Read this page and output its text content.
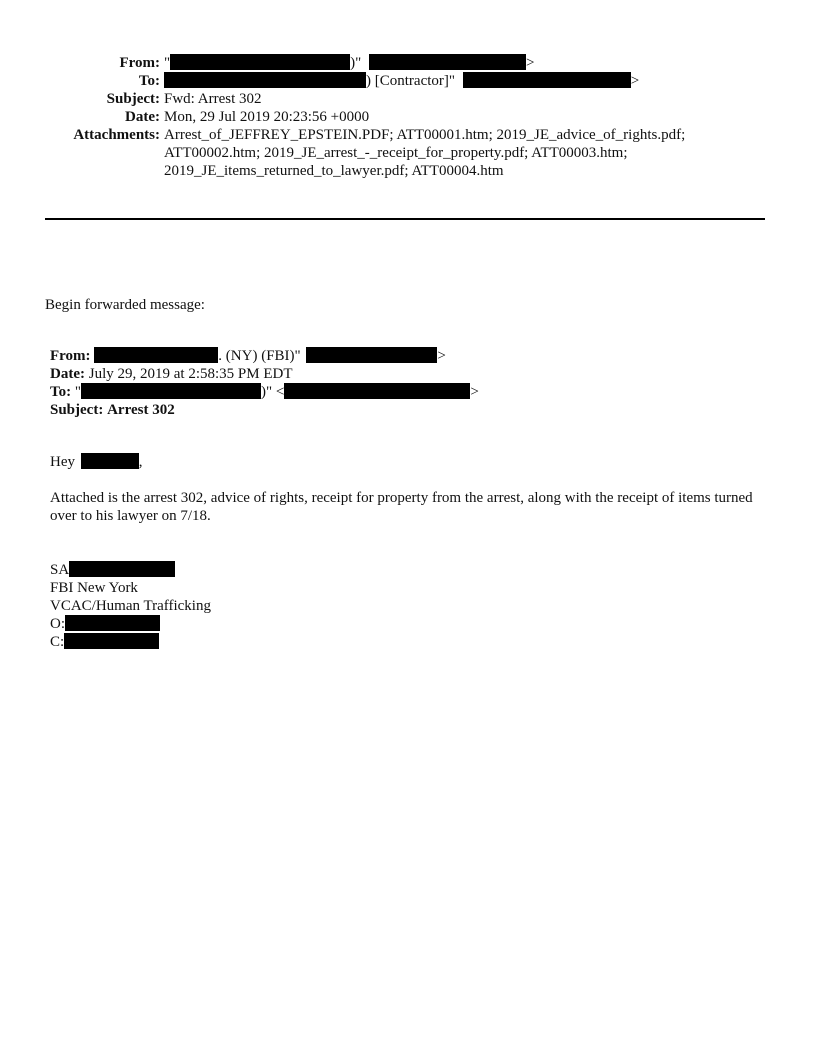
From: "	)"	>
To:	) [Contractor]"	>
Subject: Fwd: Arrest 302
Date: Mon, 29 Jul 2019 20:23:56 +0000
Attachments: Arrest_of_JEFFREY_EPSTEIN.PDF; ATT00001.htm; 2019_JE_advice_of_rights.pdf; ATT00002.htm; 2019_JE_arrest_-_receipt_for_property.pdf; ATT00003.htm; 2019_JE_items_returned_to_lawyer.pdf; ATT00004.htm
Begin forwarded message:
From:	. (NY) (FBI)"	>
Date: July 29, 2019 at 2:58:35 PM EDT
To: "	)" <	>
Subject: Arrest 302
Hey	,
Attached is the arrest 302, advice of rights, receipt for property from the arrest, along with the receipt of items turned over to his lawyer on 7/18.
SA
FBI New York
VCAC/Human Trafficking
O:
C:
